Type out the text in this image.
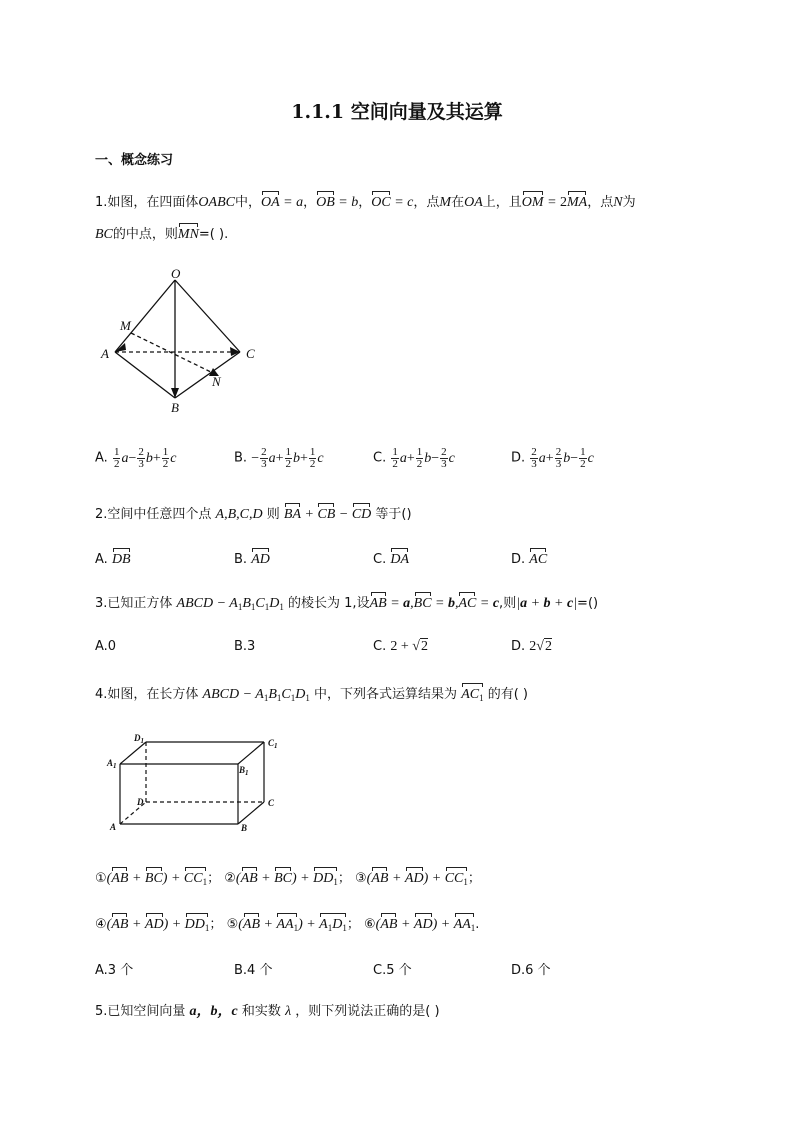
1.1.1 空间向量及其运算
一、概念练习
1.如图，在四面体OABC中，OA = a，OB = b，OC = c，点M在OA上，且OM = 2MA，点N为
BC的中点，则MN=( ).
O
M
A	C
B
N
A. $\frac{1}{2} a- \frac{2}{3} b+ \frac{1}{2}$ c	B. − $\frac{2}{3} a+ \frac{1}{2} b+ \frac{1}{2}$ c	C. $\frac{1}{2} a+ \frac{1}{2} b- \frac{2}{3}$ c	D. $\frac{2}{3} a+ \frac{2}{3} b- \frac{1}{2}$ c
2.空间中任意四个点 A,B,C,D 则 BA + CB − CD 等于()
A. DB	B. AD	C. DA	D. AC
3.已知正方体 ABCD − $A_1B_1C_1D_1$ 的棱长为 1,设AB = a,BC = b,AC = c,则|a + b + c|=()
A.0	B.3	C. 2 + √2	D. 2√2
4.如图，在长方体 ABCD − $A_1B_1C_1D_1$ 中，下列各式运算结果为 $AC_1$ 的有( )
$D_1$	$C_1$
$A_1$	$B_1$
D	C
A	B
①(AB + $BC) + CC_1$； ②(AB + $BC) + DD_1$； ③(AB + $AD) + CC_1$；
④(AB + $AD) + DD_1$； ⑤(AB + $AA_1) + A_1D_1$； ⑥(AB + $AD) + AA_1$.
A.3 个	B.4 个	C.5 个	D.6 个
5.已知空间向量 a，b，c 和实数 λ ，则下列说法正确的是( )
